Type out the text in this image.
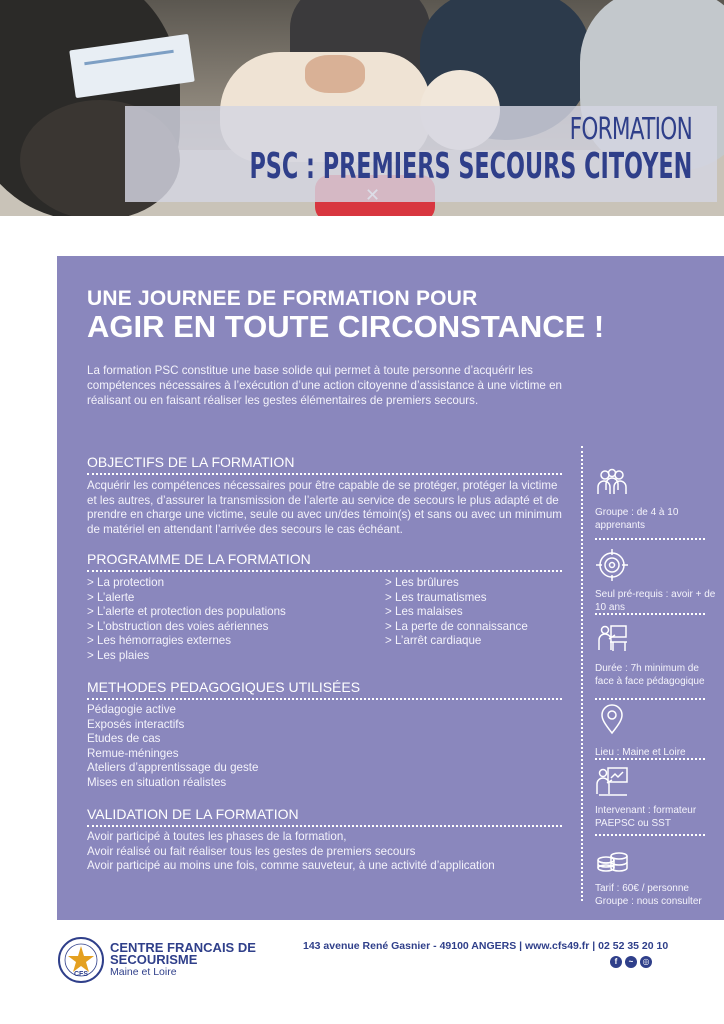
FORMATION
PSC : PREMIERS SECOURS CITOYEN
UNE JOURNEE DE FORMATION POUR
AGIR EN TOUTE CIRCONSTANCE !

La formation PSC constitue une base solide qui permet à toute personne d’acquérir les compétences nécessaires à l’exécution d’une action citoyenne d’assistance à une victime en réalisant ou en faisant réaliser les gestes élémentaires de premiers secours.

OBJECTIFS DE LA FORMATION

Acquérir les compétences nécessaires pour être capable de se protéger, protéger la victime et les autres, d’assurer la transmission de l’alerte au service de secours le plus adapté et de prendre en charge une victime, seule ou avec un/des témoin(s) et sans ou avec un minimum de matériel en attendant l’arrivée des secours le cas échéant.

PROGRAMME DE LA FORMATION
> La protection
> L’alerte
> L’alerte et protection des populations
> L’obstruction des voies aériennes
> Les hémorragies externes
> Les plaies
> Les brûlures
> Les traumatismes
> Les malaises
> La perte de connaissance
> L’arrêt cardiaque
METHODES PEDAGOGIQUES UTILISÉES
Pédagogie active
Exposés interactifs
Etudes de cas
Remue-méninges
Ateliers d’apprentissage du geste
Mises en situation réalistes
VALIDATION DE LA FORMATION
Avoir participé à toutes les phases de la formation,
Avoir réalisé ou fait réaliser tous les gestes de premiers secours
Avoir participé au moins une fois, comme sauveteur, à une activité d’application
Groupe : de 4 à 10 apprenants
Seul pré-requis : avoir + de 10 ans
Durée : 7h minimum de face à face pédagogique
Lieu : Maine et Loire
Intervenant : formateur PAEPSC ou SST
Tarif : 60€ / personne
Groupe : nous consulter
CFS
CENTRE FRANCAIS DE
SECOURISME
Maine et Loire
143 avenue René Gasnier - 49100 ANGERS | www.cfs49.fr | 02 52 35 20 10
f	~	◎
